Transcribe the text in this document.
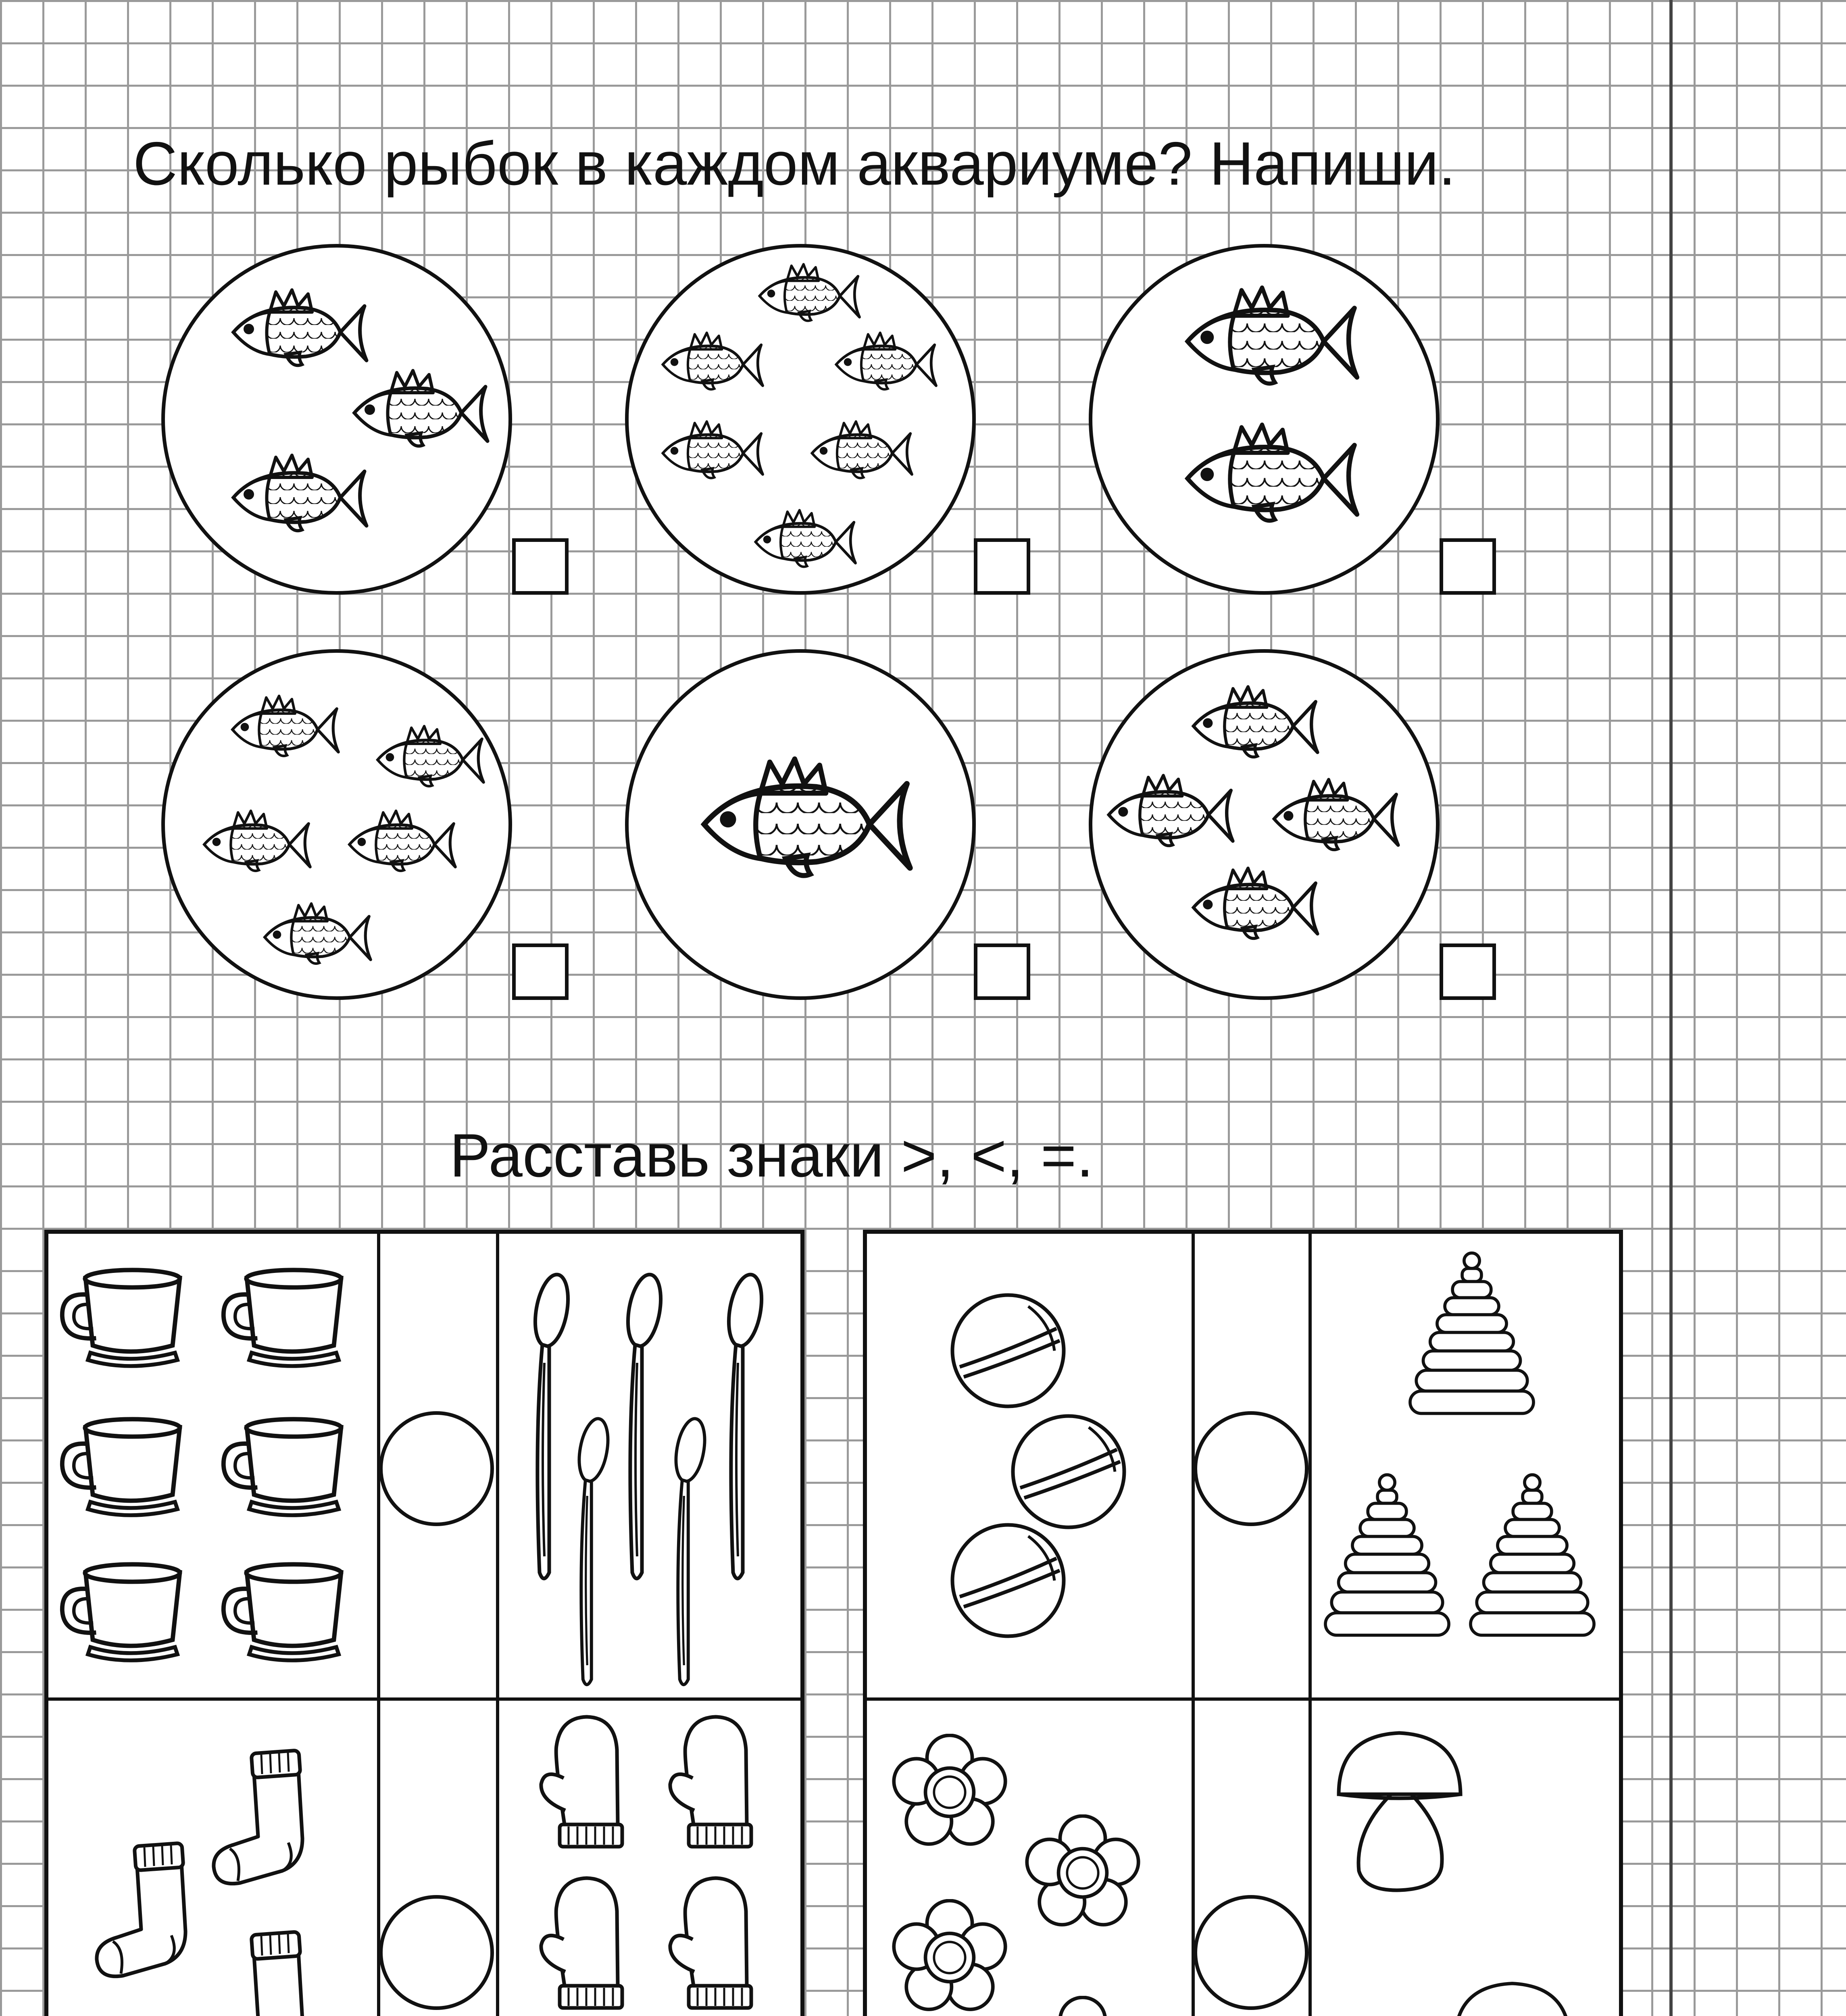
Сколько рыбок в каждом аквариуме? Напиши.
Расставь знаки >, <, =.
